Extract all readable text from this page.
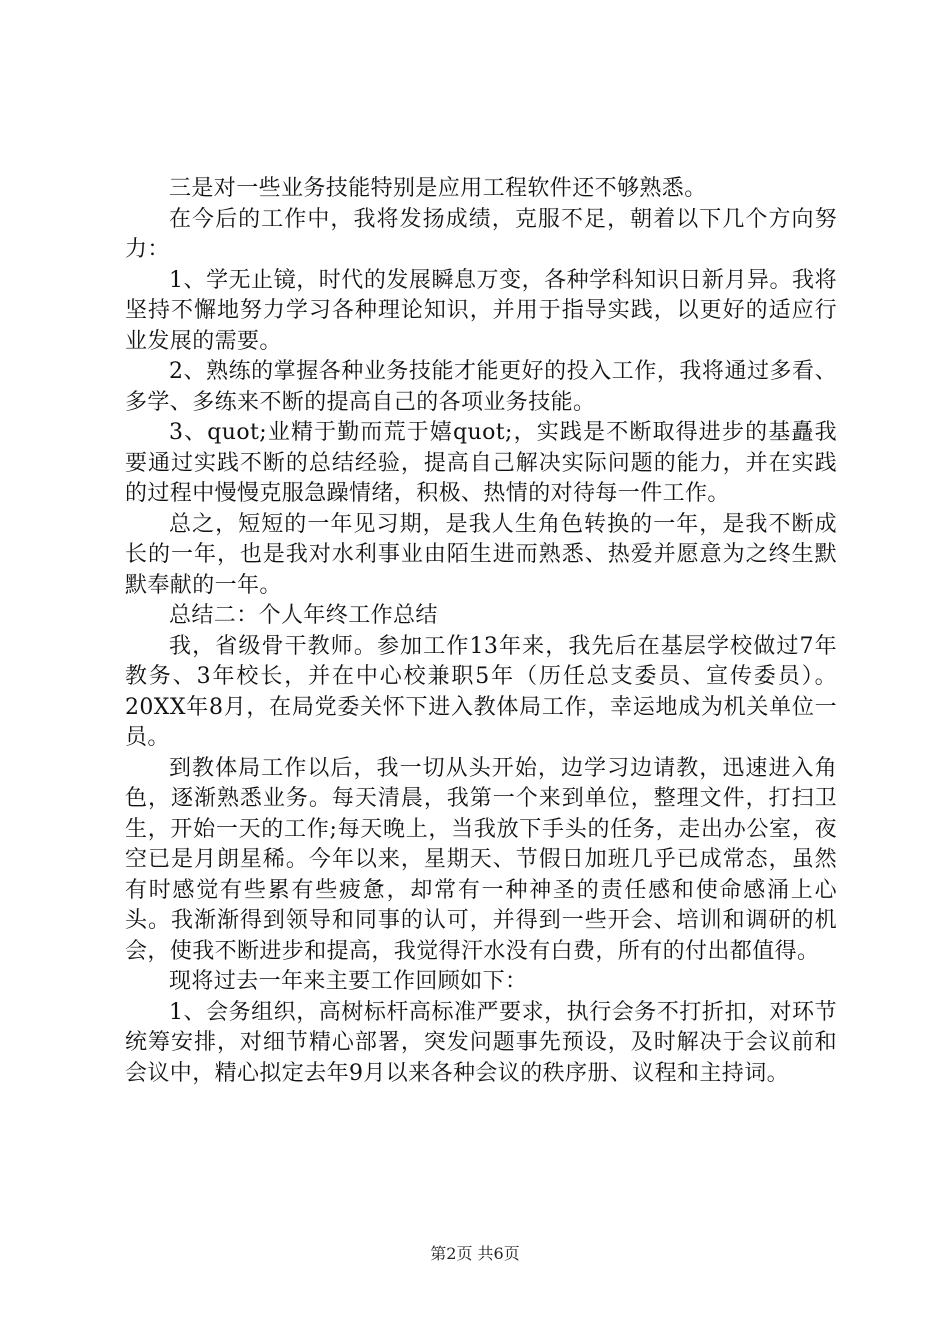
三是对一些业务技能特别是应用工程软件还不够熟悉。

在今后的工作中，我将发扬成绩，克服不足，朝着以下几个方向努力：

1、学无止镜，时代的发展瞬息万变，各种学科知识日新月异。我将坚持不懈地努力学习各种理论知识，并用于指导实践，以更好的适应行业发展的需要。

2、熟练的掌握各种业务技能才能更好的投入工作，我将通过多看、多学、多练来不断的提高自己的各项业务技能。

3、quot;业精于勤而荒于嬉quot;，实践是不断取得进步的基矗我要通过实践不断的总结经验，提高自己解决实际问题的能力，并在实践的过程中慢慢克服急躁情绪，积极、热情的对待每一件工作。

总之，短短的一年见习期，是我人生角色转换的一年，是我不断成长的一年，也是我对水利事业由陌生进而熟悉、热爱并愿意为之终生默默奉献的一年。

总结二：个人年终工作总结

我，省级骨干教师。参加工作13年来，我先后在基层学校做过7年教务、3年校长，并在中心校兼职5年（历任总支委员、宣传委员）。20XX年8月，在局党委关怀下进入教体局工作，幸运地成为机关单位一员。

到教体局工作以后，我一切从头开始，边学习边请教，迅速进入角色，逐渐熟悉业务。每天清晨，我第一个来到单位，整理文件，打扫卫生，开始一天的工作;每天晚上，当我放下手头的任务，走出办公室，夜空已是月朗星稀。今年以来，星期天、节假日加班几乎已成常态，虽然有时感觉有些累有些疲惫，却常有一种神圣的责任感和使命感涌上心头。我渐渐得到领导和同事的认可，并得到一些开会、培训和调研的机会，使我不断进步和提高，我觉得汗水没有白费，所有的付出都值得。

现将过去一年来主要工作回顾如下：

1、会务组织，高树标杆高标准严要求，执行会务不打折扣，对环节统筹安排，对细节精心部署，突发问题事先预设，及时解决于会议前和会议中，精心拟定去年9月以来各种会议的秩序册、议程和主持词。

第2页 共6页
